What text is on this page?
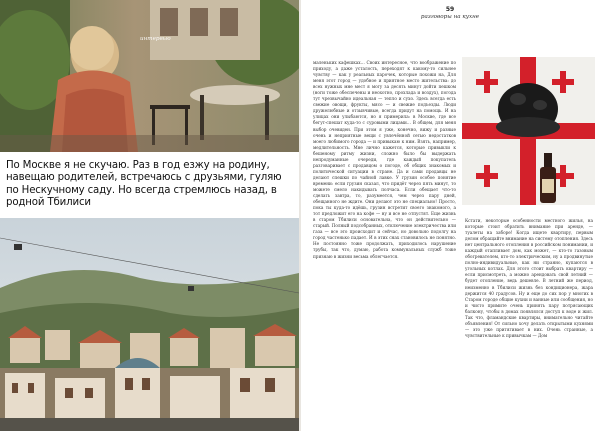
интервью
По Москве я не скучаю. Раз в год езжу на родину, навещаю родителей, встречаюсь с друзьями, гуляю по Нескучному саду. Но всегда стремлюсь назад, в родной Тбилиси
59
разговоры на кухне
маленьких кафешках… Своих интересное, что воображение по приходу, а даже усталость, переходят к какому-то сильнее чувству — как у реальных парочек, которые похожи на, Для меня этот город — удобное и приятное место жительства: до всех нужных мне мест я могу за десять минут дойти пешком (ноги тоже обеспечены и неохотно, прохлада и воздух), погода тут чрезвычайно идеальная — тепло и сухо. Здесь всегда есть свежие овощи, фрукты, мясо — и свежие подъезды. Люди дружелюбные и отзывчивые, всегда придут на помощь. И на улицах они улыбаются, но я примерила: в Москве, где все бегут-спешат куда-то с суровыми лицами… В общем, для меня выбор очевиден. При этом я уже, конечно, вижу и разные очень и неприятные вещи с увлечённой сетью недостатков моего любимого города — и привыкаю к ним. Взять, например, медлительность. Мне лично кажется, которые привыкли к бешеному ритму жизни, сложно было бы выдержать непродуманные очереди, где каждый покупатель разговаривает с продавцом о погоде, об общих знакомых и политической ситуации в стране. Да и сами продавцы не делают спешки по чайной лавке. У грузин особое понятие времени: если грузин сказал, что придёт через пять минут, то можете смело накидывать полчаса. Если обещает что-то сделать завтра, то, разумеется, чем через пару дней, обещанного не ждите. Они делают это не специально! Просто, пока ты куда-то идёшь, грузин встретит своего знакомого, а тот предложит его на кофе — ну и все не отпустят. Еще жизнь в старом Тбилиси основательна, что он действительно — старый. Полный подсобранных, отключение электричества или газа — все это происходит и сейчас, но довольно подолгу на город частенько падает. И в этих снах становилось не понятно. Не постоянно тоже продолжать, приходилось нарушение трубы, так что, думаю, работа коммунальных служб тоже признаю в жизни весьма облегчается.
Кстати, некоторые особенности местного жилья, на которые стоит обратить внимание при аренде, — туалеты на заборе! Когда ищете квартиру, первым делом обращайте внимание на систему отопления. Здесь нет центрального отопления в российском понимании, и каждый отапливает дом, как может, — кто-то газовым обогревателем, кто-то электрическим, ну а продвинутые полно-индивидуальные, как ни странно, купаются в угольных котлах. Для этого стоит выбрать квартиру — если присмотреть, а можно арендовать свой летний — будет отопление, ведь дешевле. В летний же период, неизменно в Тбилиси жизнь без кондиционера, жара держится 40 градусов. Ну и еще до сих пор у многих в Старом городе общие кухни и ванные или сообщения, но и чисто примите очень принять пару потрясающих балкону, чтобы в домах появлялся доступ к воде и жил. Так что, фламандские квартиры, внимательно читайте объявления! От сильно хочу делать открытыми кухнями — это уже притягивает в них. Очень странные, а чувствительные к привычкам — Дом
